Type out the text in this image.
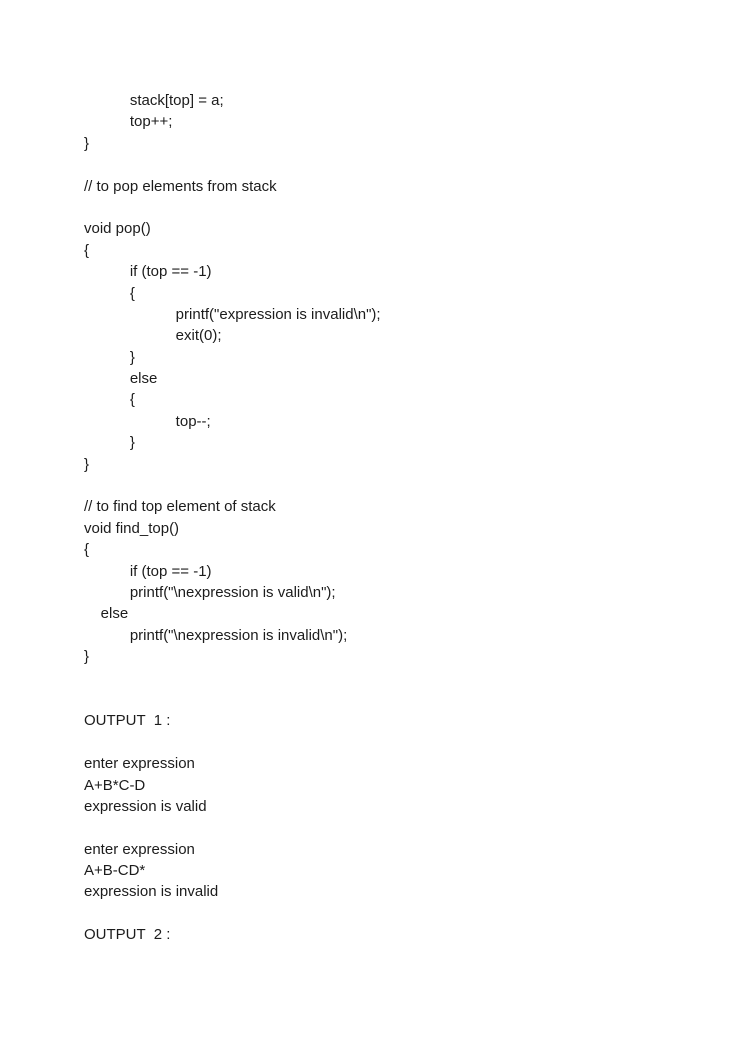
stack[top] = a;
top++;
}
// to pop elements from stack
void pop()
{
if (top == -1)
{
printf("expression is invalid\n");
exit(0);
}
else
{
top--;
}
}
// to find top element of stack
void find_top()
{
if (top == -1)
printf("\nexpression is valid\n");
else
printf("\nexpression is invalid\n");
}
OUTPUT  1 :
enter expression
A+B*C-D
expression is valid
enter expression
A+B-CD*
expression is invalid
OUTPUT  2 :
